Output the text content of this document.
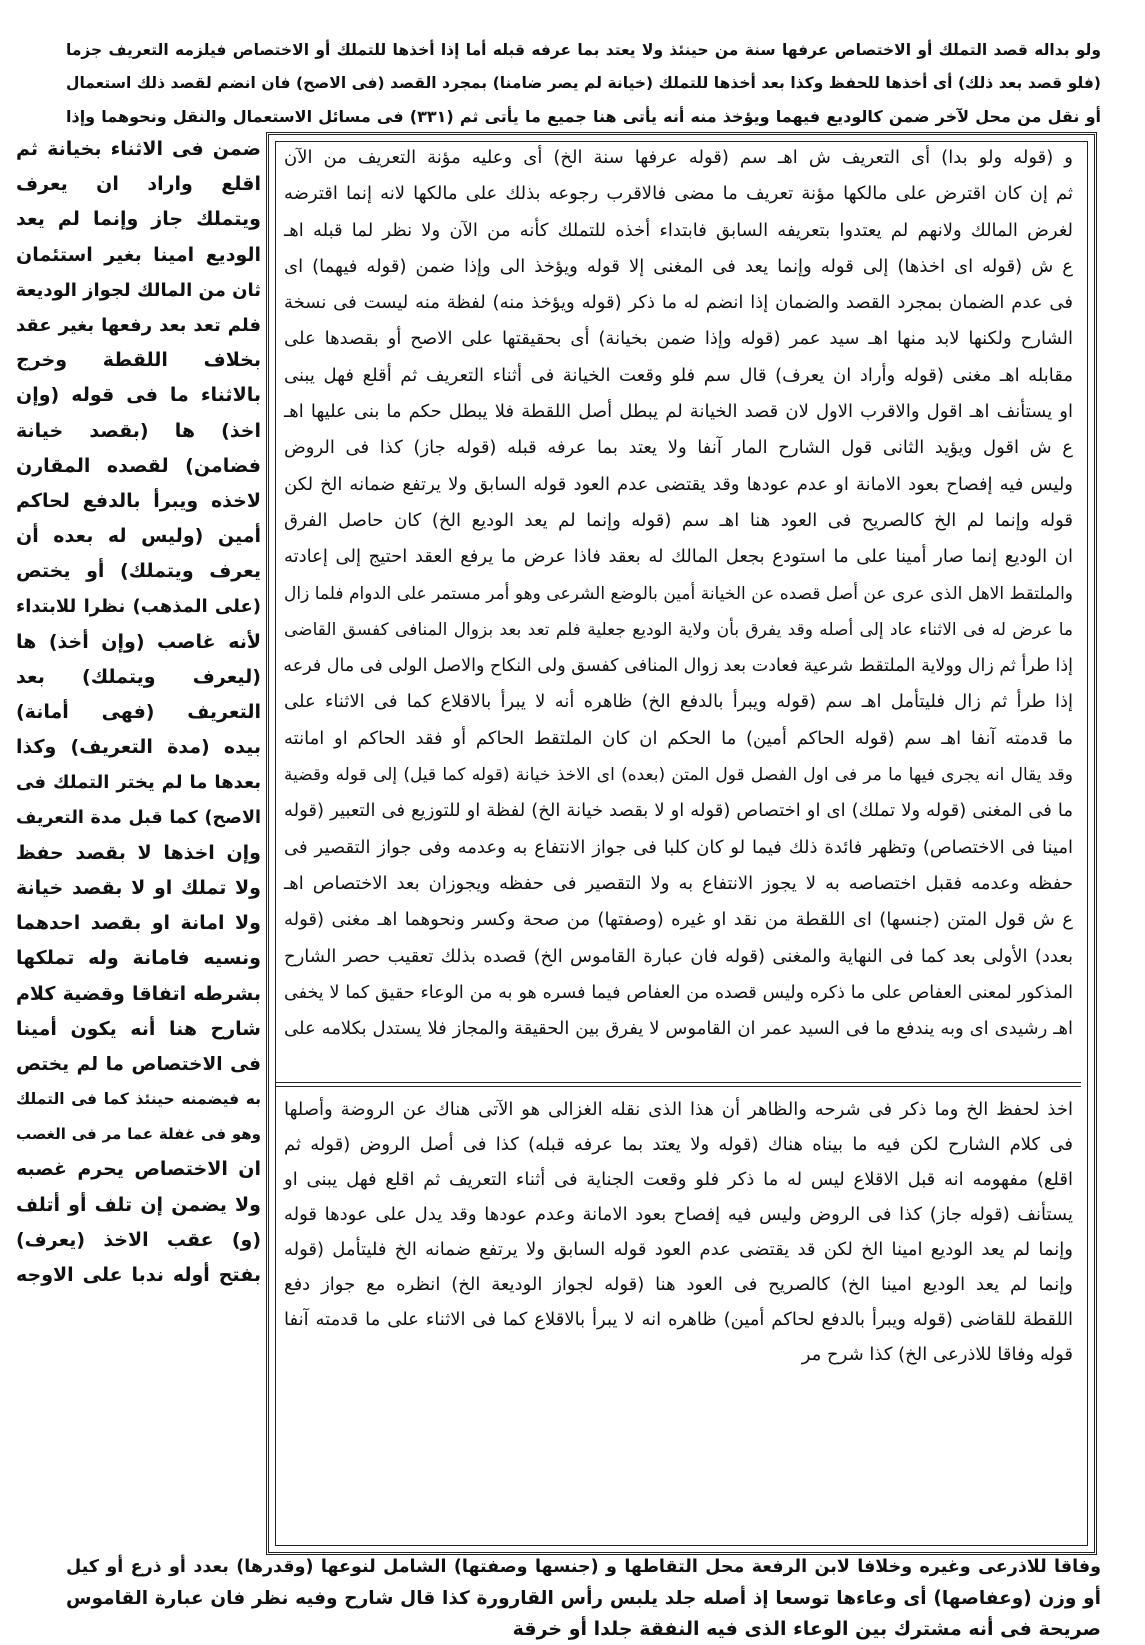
ولو بداله قصد التملك أو الاختصاص عرفها سنة من حينئذ ولا يعتد بما عرفه قبله أما إذا أخذها للتملك أو الاختصاص فيلزمه التعريف جزما
(فلو قصد بعد ذلك) أى أخذها للحفظ وكذا بعد أخذها للتملك (خيانة لم يصر ضامنا) بمجرد القصد (فى الاصح) فان انضم لقصد ذلك استعمال
أو نقل من محل لآخر ضمن كالوديع فيهما ويؤخذ منه أنه يأتى هنا جميع ما يأتى ثم (٣٣١) فى مسائل الاستعمال والنقل ونحوهما وإذا
و (قوله ولو بدا) أى التعريف ش اهـ سم (قوله عرفها سنة الخ) أى وعليه مؤنة التعريف من الآن
ثم إن كان اقترض على مالكها مؤنة تعريف ما مضى فالاقرب رجوعه بذلك على مالكها لانه إنما اقترضه
لغرض المالك ولانهم لم يعتدوا بتعريفه السابق فابتداء أخذه للتملك كأنه من الآن ولا نظر لما قبله اهـ
ع ش (قوله اى اخذها) إلى قوله وإنما يعد فى المغنى إلا قوله ويؤخذ الى وإذا ضمن (قوله فيهما) اى
فى عدم الضمان بمجرد القصد والضمان إذا انضم له ما ذكر (قوله ويؤخذ منه) لفظة منه ليست فى نسخة
الشارح ولكنها لابد منها اهـ سيد عمر (قوله وإذا ضمن بخيانة) أى بحقيقتها على الاصح أو بقصدها على
مقابله اهـ مغنى (قوله وأراد ان يعرف) قال سم فلو وقعت الخيانة فى أثناء التعريف ثم أقلع فهل يبنى
او يستأنف اهـ اقول والاقرب الاول لان قصد الخيانة لم يبطل أصل اللقطة فلا يبطل حكم ما بنى عليها اهـ
ع ش اقول ويؤيد الثانى قول الشارح المار آنفا ولا يعتد بما عرفه قبله (قوله جاز) كذا فى الروض
وليس فيه إفصاح بعود الامانة او عدم عودها وقد يقتضى عدم العود قوله السابق ولا يرتفع ضمانه الخ لكن
قوله وإنما لم الخ كالصريح فى العود هنا اهـ سم (قوله وإنما لم يعد الوديع الخ) كان حاصل الفرق
ان الوديع إنما صار أمينا على ما استودع بجعل المالك له بعقد فاذا عرض ما يرفع العقد احتيج إلى إعادته
والملتقط الاهل الذى عرى عن أصل قصده عن الخيانة أمين بالوضع الشرعى وهو أمر مستمر على الدوام فلما زال
ما عرض له فى الاثناء عاد إلى أصله وقد يفرق بأن ولاية الوديع جعلية فلم تعد بعد بزوال المنافى كفسق القاضى
إذا طرأ ثم زال وولاية الملتقط شرعية فعادت بعد زوال المنافى كفسق ولى النكاح والاصل الولى فى مال فرعه
إذا طرأ ثم زال فليتأمل اهـ سم (قوله ويبرأ بالدفع الخ) ظاهره أنه لا يبرأ بالاقلاع كما فى الاثناء على
ما قدمته آنفا اهـ سم (قوله الحاكم أمين) ما الحكم ان كان الملتقط الحاكم أو فقد الحاكم او امانته
وقد يقال انه يجرى فيها ما مر فى اول الفصل قول المتن (بعده) اى الاخذ خيانة (قوله كما قيل) إلى قوله وقضية
ما فى المغنى (قوله ولا تملك) اى او اختصاص (قوله او لا بقصد خيانة الخ) لفظة او للتوزيع فى التعبير (قوله
امينا فى الاختصاص) وتظهر فائدة ذلك فيما لو كان كلبا فى جواز الانتفاع به وعدمه وفى جواز التقصير فى
حفظه وعدمه فقبل اختصاصه به لا يجوز الانتفاع به ولا التقصير فى حفظه ويجوزان بعد الاختصاص اهـ
ع ش قول المتن (جنسها) اى اللقطة من نقد او غيره (وصفتها) من صحة وكسر ونحوهما اهـ مغنى (قوله
بعدد) الأولى بعد كما فى النهاية والمغنى (قوله فان عبارة القاموس الخ) قصده بذلك تعقيب حصر الشارح
المذكور لمعنى العفاص على ما ذكره وليس قصده من العفاص فيما فسره هو به من الوعاء حقيق كما لا يخفى
اهـ رشيدى اى وبه يندفع ما فى السيد عمر ان القاموس لا يفرق بين الحقيقة والمجاز فلا يستدل بكلامه على
اخذ لحفظ الخ وما ذكر فى شرحه والظاهر أن هذا الذى نقله الغزالى هو الآتى هناك عن الروضة وأصلها
فى كلام الشارح لكن فيه ما بيناه هناك (قوله ولا يعتد بما عرفه قبله) كذا فى أصل الروض (قوله ثم
اقلع) مفهومه انه قبل الاقلاع ليس له ما ذكر فلو وقعت الجناية فى أثناء التعريف ثم اقلع فهل يبنى او
يستأنف (قوله جاز) كذا فى الروض وليس فيه إفصاح بعود الامانة وعدم عودها وقد يدل على عودها قوله
وإنما لم يعد الوديع امينا الخ لكن قد يقتضى عدم العود قوله السابق ولا يرتفع ضمانه الخ فليتأمل (قوله
وإنما لم يعد الوديع امينا الخ) كالصريح فى العود هنا (قوله لجواز الوديعة الخ) انظره مع جواز دفع
اللقطة للقاضى (قوله ويبرأ بالدفع لحاكم أمين) ظاهره انه لا يبرأ بالاقلاع كما فى الاثناء على ما قدمته آنفا
قوله وفاقا للاذرعى الخ) كذا شرح مر
ضمن فى الاثناء بخيانة ثم
اقلع واراد ان يعرف
ويتملك جاز وإنما لم يعد
الوديع امينا بغير استئمان
ثان من المالك لجواز الوديعة
فلم تعد بعد رفعها بغير عقد
بخلاف اللقطة وخرج
بالاثناء ما فى قوله (وإن
اخذ) ها (بقصد خيانة
فضامن) لقصده المقارن
لاخذه ويبرأ بالدفع لحاكم
أمين (وليس له بعده أن
يعرف ويتملك) أو يختص
(على المذهب) نظرا للابتداء
لأنه غاصب (وإن أخذ) ها
(ليعرف ويتملك) بعد
التعريف (فهى أمانة)
بيده (مدة التعريف) وكذا
بعدها ما لم يختر التملك فى
الاصح) كما قبل مدة التعريف
وإن اخذها لا بقصد حفظ
ولا تملك او لا بقصد خيانة
ولا امانة او بقصد احدهما
ونسيه فامانة وله تملكها
بشرطه اتفاقا وقضية كلام
شارح هنا أنه يكون أمينا
فى الاختصاص ما لم يختص
به فيضمنه حينئذ كما فى التملك
وهو فى غفلة عما مر فى الغصب
ان الاختصاص يحرم غصبه
ولا يضمن إن تلف أو أتلف
(و) عقب الاخذ (يعرف)
بفتح أوله ندبا على الاوجه
وفاقا للاذرعى وغيره وخلافا لابن الرفعة محل التقاطها و (جنسها وصفتها) الشامل لنوعها (وقدرها) بعدد أو ذرع أو كيل
أو وزن (وعفاصها) أى وعاءها توسعا إذ أصله جلد يلبس رأس القارورة كذا قال شارح وفيه نظر فان عبارة القاموس
صريحة فى أنه مشترك بين الوعاء الذى فيه النفقة جلدا أو خرقة
